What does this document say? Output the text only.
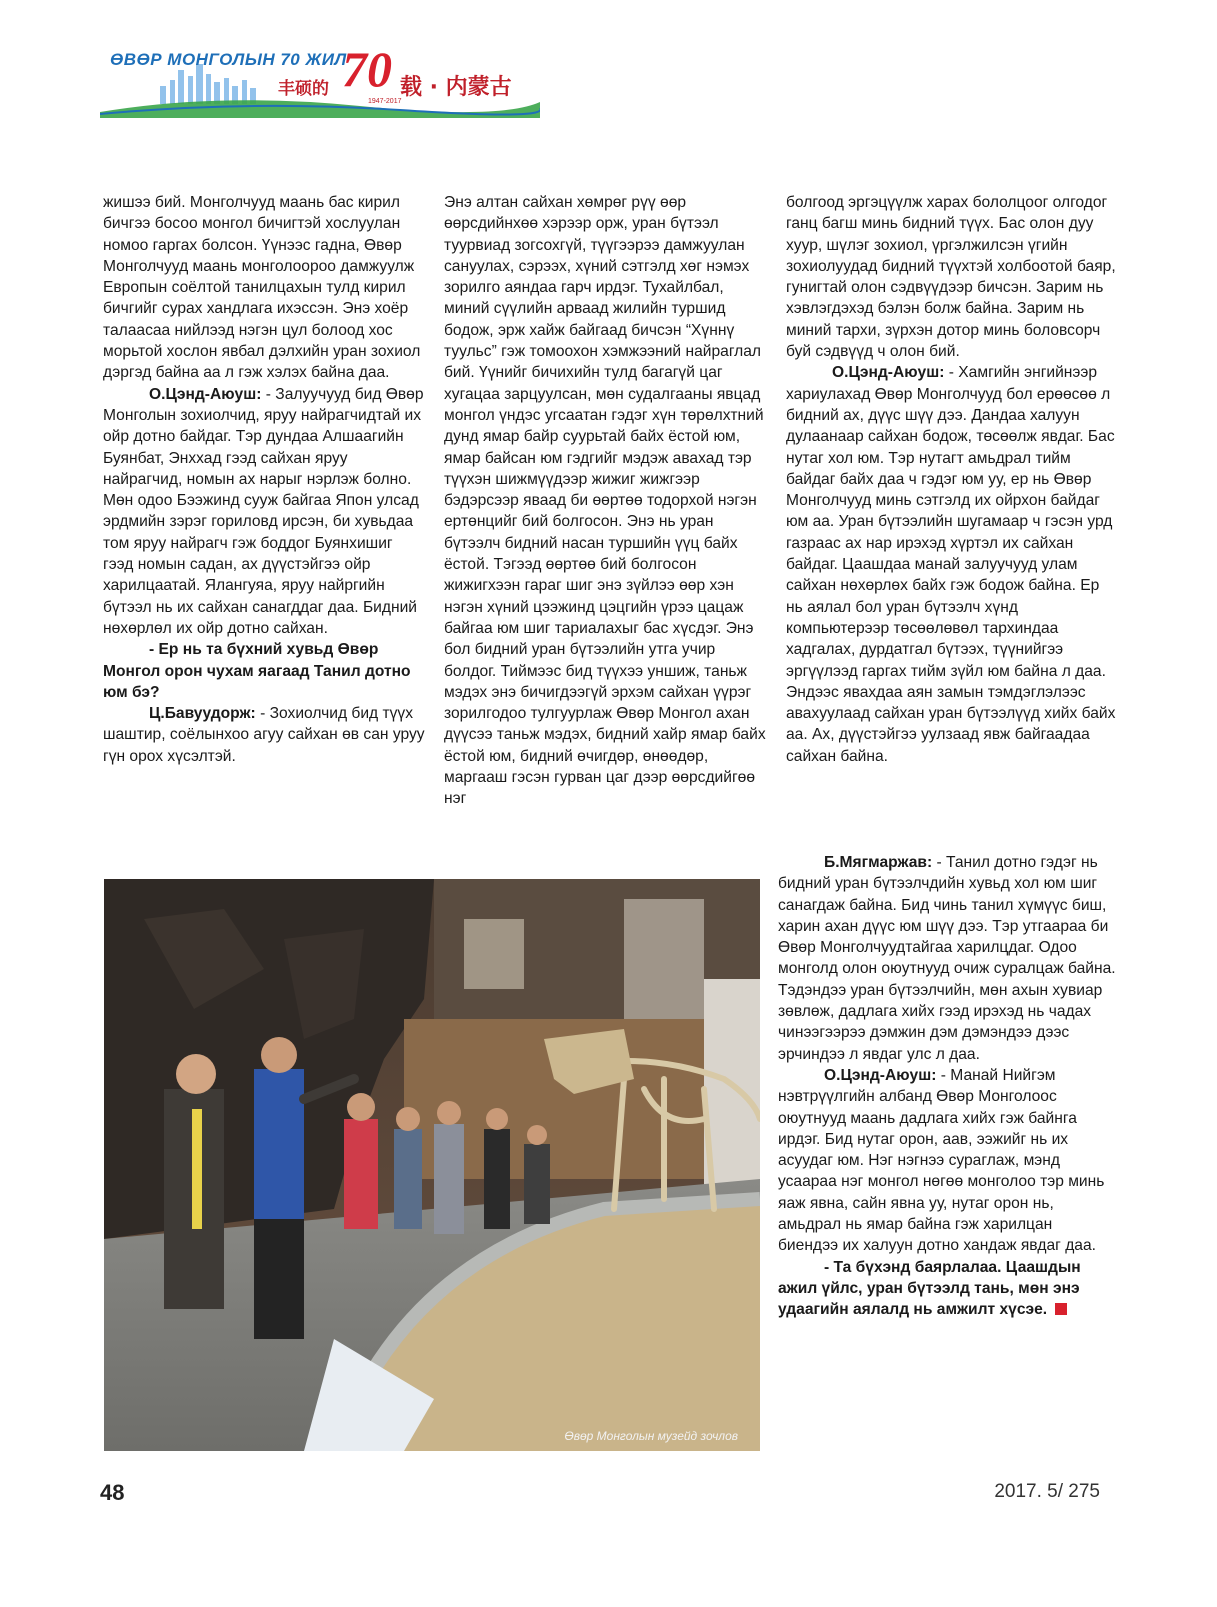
ӨВӨР МОНГОЛЫН 70 ЖИЛ
丰硕的 70
1947-2017
载 · 内蒙古

жишээ бий. Монголчууд маань бас кирил бичгээ босоо монгол бичигтэй хослуулан номоо гаргах болсон. Үүнээс гадна, Өвөр Монголчууд маань монголоороо дамжуулж Европын соёлтой танилцахын тулд кирил бичгийг сурах хандлага ихэссэн. Энэ хоёр талаасаа нийлээд нэгэн цул болоод хос морьтой хослон явбал дэлхийн уран зохиол дэргэд байна аа л гэж хэлэх байна даа.

О.Цэнд-Аюуш: - Залуучууд бид Өвөр Монголын зохиолчид, яруу найрагчидтай их ойр дотно байдаг. Тэр дундаа Алшаагийн Буянбат, Энххад гээд сайхан яруу найрагчид, номын ах нарыг нэрлэж болно. Мөн одоо Бээжинд сууж байгаа Япон улсад эрдмийн зэрэг гориловд ирсэн, би хувьдаа том яруу найрагч гэж боддог Буянхишиг гээд номын садан, ах дүүстэйгээ ойр харилцаатай. Ялангуяа, яруу найргийн бүтээл нь их сайхан санагддаг даа. Бидний нөхөрлөл их ойр дотно сайхан.

- Ер нь та бүхний хувьд Өвөр Монгол орон чухам яагаад Танил дотно юм бэ?

Ц.Бавуудорж: - Зохиолчид бид түүх шаштир, соёлынхоо агуу сайхан өв сан уруу гүн орох хүсэлтэй.

Энэ алтан сайхан хөмрөг рүү өөр өөрсдийнхөө хэрээр орж, уран бүтээл туурвиад зогсохгүй, түүгээрээ дамжуулан сануулах, сэрээх, хүний сэтгэлд хөг нэмэх зорилго аяндаа гарч ирдэг. Тухайлбал, миний сүүлийн арваад жилийн туршид бодож, эрж хайж байгаад бичсэн “Хүннү туульс” гэж томоохон хэмжээний найраглал бий. Үүнийг бичихийн тулд багагүй цаг хугацаа зарцуулсан, мөн судалгааны явцад монгол үндэс угсаатан гэдэг хүн төрөлхтний дунд ямар байр суурьтай байх ёстой юм, ямар байсан юм гэдгийг мэдэж авахад тэр түүхэн шижмүүдээр жижиг жижгээр бэдэрсээр яваад би өөртөө тодорхой нэгэн ертөнцийг бий болгосон. Энэ нь уран бүтээлч бидний насан туршийн үүц байх ёстой. Тэгээд өөртөө бий болгосон жижигхээн гараг шиг энэ зүйлээ өөр хэн нэгэн хүний цээжинд цэцгийн үрээ цацаж байгаа юм шиг тариалахыг бас хүсдэг. Энэ бол бидний уран бүтээлийн утга учир болдог. Тиймээс бид түүхээ уншиж, таньж мэдэх энэ бичигдээгүй эрхэм сайхан үүрэг зорилгодоо тулгуурлаж Өвөр Монгол ахан дүүсээ таньж мэдэх, бидний хайр ямар байх ёстой юм, бидний өчигдөр, өнөөдөр, маргааш гэсэн гурван цаг дээр өөрсдийгөө нэг

болгоод эргэцүүлж харах бололцоог олгодог ганц багш минь бидний түүх. Бас олон дуу хуур, шүлэг зохиол, үргэлжилсэн үгийн зохиолуудад бидний түүхтэй холбоотой баяр, гунигтай олон сэдвүүдээр бичсэн. Зарим нь хэвлэгдэхэд бэлэн болж байна. Зарим нь миний тархи, зүрхэн дотор минь боловсорч буй сэдвүүд ч олон бий.

О.Цэнд-Аюуш: - Хамгийн энгийнээр хариулахад Өвөр Монголчууд бол ерөөсөө л бидний ах, дүүс шүү дээ. Дандаа халуун дулаанаар сайхан бодож, төсөөлж явдаг. Бас нутаг хол юм. Тэр нутагт амьдрал тийм байдаг байх даа ч гэдэг юм уу, ер нь Өвөр Монголчууд минь сэтгэлд их ойрхон байдаг юм аа. Уран бүтээлийн шугамаар ч гэсэн урд газраас ах нар ирэхэд хүртэл их сайхан байдаг. Цаашдаа манай залуучууд улам сайхан нөхөрлөх байх гэж бодож байна. Ер нь аялал бол уран бүтээлч хүнд компьютерээр төсөөлөвөл тархиндаа хадгалах, дурдатгал бүтээх, түүнийгээ эргүүлээд гаргах тийм зүйл юм байна л даа. Эндээс явахдаа аян замын тэмдэглэлээс авахуулаад сайхан уран бүтээлүүд хийх байх аа. Ах, дүүстэйгээ уулзаад явж байгаадаа сайхан байна.

Б.Мягмаржав: - Танил дотно гэдэг нь бидний уран бүтээлчдийн хувьд хол юм шиг санагдаж байна. Бид чинь танил хүмүүс биш, харин ахан дүүс юм шүү дээ. Тэр утгаараа би Өвөр Монголчуудтайгаа харилцдаг. Одоо монголд олон оюутнууд очиж суралцаж байна. Тэдэндээ уран бүтээлчийн, мөн ахын хувиар зөвлөж, дадлага хийх гээд ирэхэд нь чадах чинээгээрээ дэмжин дэм дэмэндээ дээс эрчиндээ л явдаг улс л даа.

О.Цэнд-Аюуш: - Манай Нийгэм нэвтрүүлгийн албанд Өвөр Монголоос оюутнууд маань дадлага хийх гэж байнга ирдэг. Бид нутаг орон, аав, ээжийг нь их асуудаг юм. Нэг нэгнээ сураглаж, мэнд усаараа нэг монгол нөгөө монголоо тэр минь яаж явна, сайн явна уу, нутаг орон нь, амьдрал нь ямар байна гэж харилцан биендээ их халуун дотно хандаж явдаг даа.

- Та бүхэнд баярлалаа. Цаашдын ажил үйлс, уран бүтээлд тань, мөн энэ удаагийн аялалд нь амжилт хүсэе.

Өвөр Монголын музейд зочлов
48	2017. 5/ 275
